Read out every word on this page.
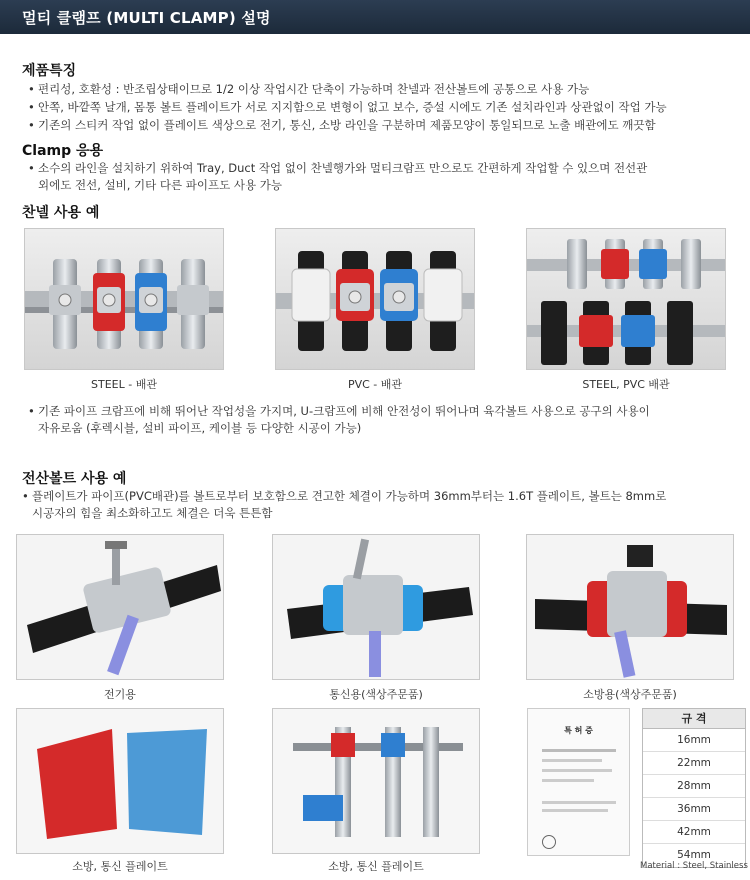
멀티 클램프 (MULTI CLAMP) 설명
제품특징
• 편리성, 호환성 : 반조립상태이므로 1/2 이상 작업시간 단축이 가능하며 찬넬과 전산볼트에 공통으로 사용 가능
• 안쪽, 바깥쪽 날개, 몸통 볼트 플레이트가 서로 지지함으로 변형이 없고 보수, 증설 시에도 기존 설치라인과 상관없이 작업 가능
• 기존의 스티커 작업 없이 플레이트 색상으로 전기, 통신, 소방 라인을 구분하며 제품모양이 통일되므로 노출 배관에도 깨끗함
Clamp 응용
• 소수의 라인을 설치하기 위하여 Tray, Duct 작업 없이 찬넬행가와 멀티크람프 만으로도 간편하게 작업할 수 있으며 전선관
외에도 전선, 설비, 기타 다른 파이프도 사용 가능
찬넬 사용 예
STEEL - 배관	PVC - 배관	STEEL, PVC 배관
• 기존 파이프 크람프에 비해 뛰어난 작업성을 가지며, U-크람프에 비해 안전성이 뛰어나며 육각볼트 사용으로 공구의 사용이
자유로움 (후렉시블, 설비 파이프, 케이블 등 다양한 시공이 가능)
전산볼트 사용 예
• 플레이트가 파이프(PVC배관)를 볼트로부터 보호함으로 견고한 체결이 가능하며 36mm부터는 1.6T 플레이트, 볼트는 8mm로
시공자의 힘을 최소화하고도 체결은 더욱 튼튼함
전기용	통신용(색상주문품)	소방용(색상주문품)
소방, 통신 플레이트	소방, 통신 플레이트
특 허 증
규 격
16mm
22mm
28mm
36mm
42mm
54mm
Material : Steel, Stainless
